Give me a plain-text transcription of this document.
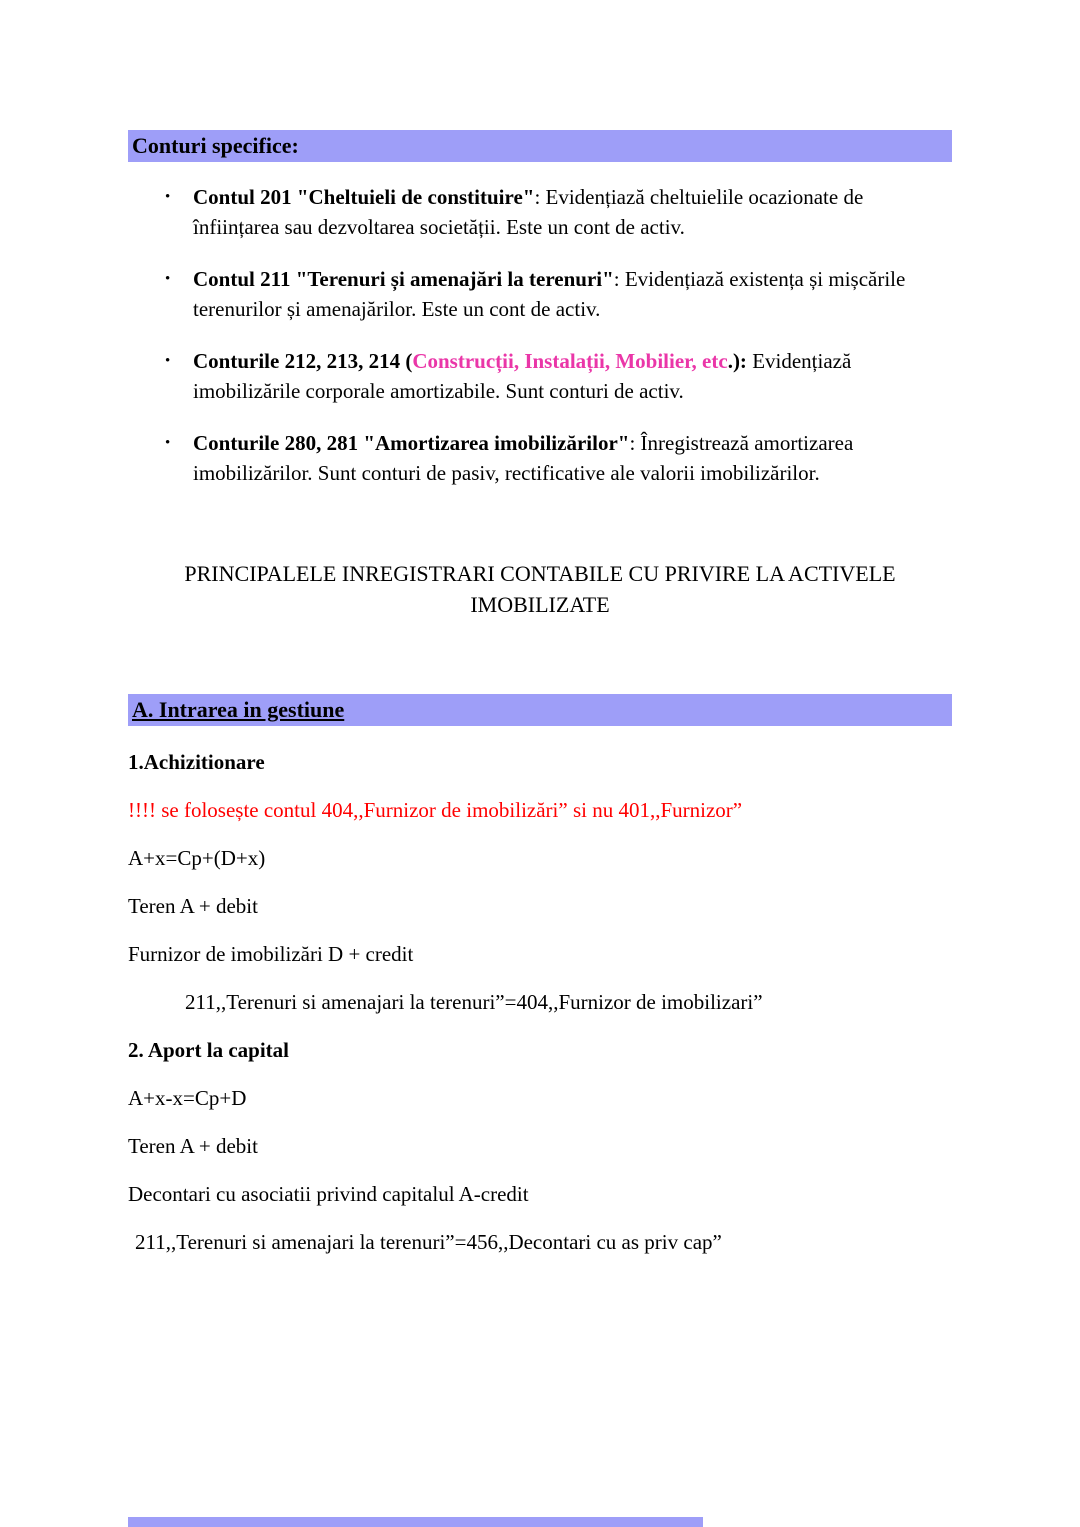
Conturi specifice:
•	Contul 201 "Cheltuieli de constituire": Evidențiază cheltuielile ocazionate de înființarea sau dezvoltarea societății. Este un cont de activ.
•	Contul 211 "Terenuri și amenajări la terenuri": Evidențiază existența și mișcările terenurilor și amenajărilor. Este un cont de activ.
•	Conturile 212, 213, 214 (Construcții, Instalații, Mobilier, etc.): Evidențiază imobilizările corporale amortizabile. Sunt conturi de activ.
•	Conturile 280, 281 "Amortizarea imobilizărilor": Înregistrează amortizarea imobilizărilor. Sunt conturi de pasiv, rectificative ale valorii imobilizărilor.
PRINCIPALELE INREGISTRARI CONTABILE CU PRIVIRE LA ACTIVELE IMOBILIZATE
A. Intrarea in gestiune
1.Achizitionare
!!!! se folosește contul 404,,Furnizor de imobilizări” si nu 401,,Furnizor”
A+x=Cp+(D+x)
Teren A + debit
Furnizor de imobilizări D + credit
211,,Terenuri si amenajari la terenuri”=404,,Furnizor de imobilizari”
2. Aport la capital
A+x-x=Cp+D
Teren A + debit
Decontari cu asociatii privind capitalul A-credit
211,,Terenuri si amenajari la terenuri”=456,,Decontari cu as priv cap”
